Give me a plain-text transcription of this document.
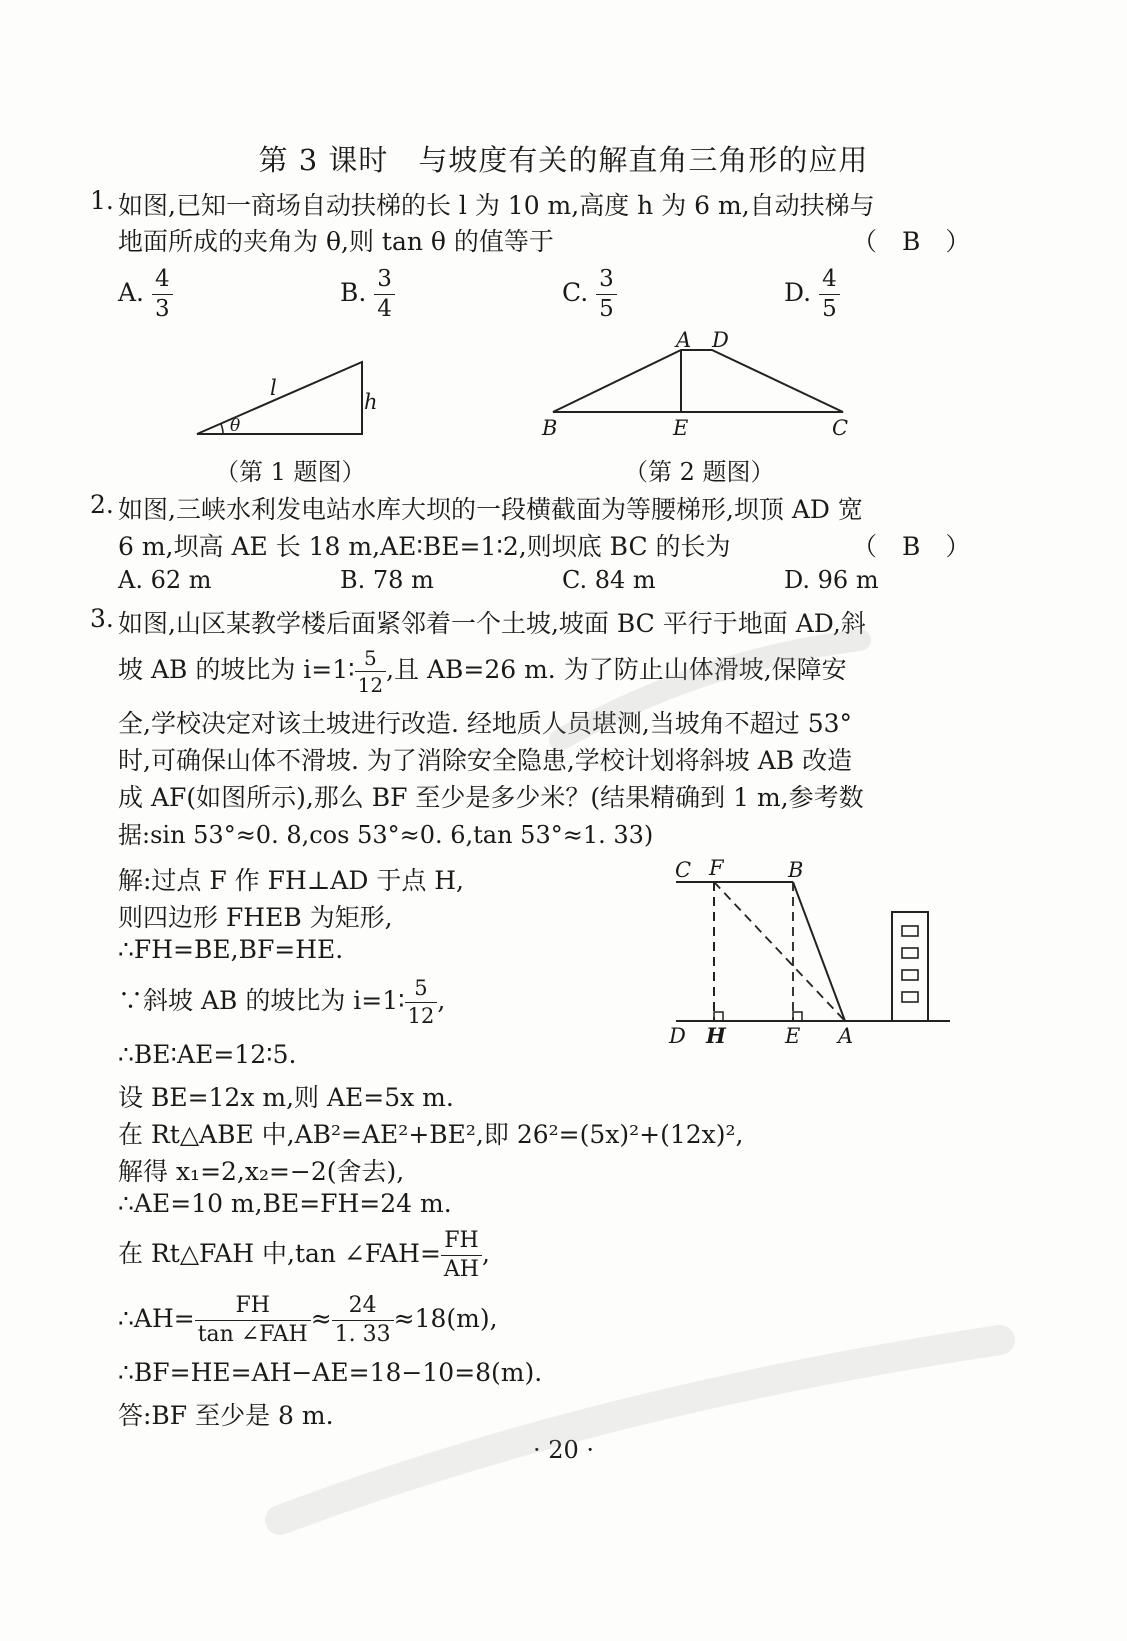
第 3 课时　与坡度有关的解直角三角形的应用
1. 如图,已知一商场自动扶梯的长 l 为 10 m,高度 h 为 6 m,自动扶梯与
地面所成的夹角为 θ,则 tan θ 的值等于	（　B　）
A. $\frac{4}{3}$	B. $\frac{3}{4}$	C. $\frac{3}{5}$	D. $\frac{4}{5}$
l
h
θ
（第 1 题图）
A D
B	E	C
（第 2 题图）
2. 如图,三峡水利发电站水库大坝的一段横截面为等腰梯形,坝顶 AD 宽
6 m,坝高 AE 长 18 m,AE∶BE=1∶2,则坝底 BC 的长为	（　B　）
A. 62 m	B. 78 m	C. 84 m	D. 96 m
3. 如图,山区某教学楼后面紧邻着一个土坡,坡面 BC 平行于地面 AD,斜
坡 AB 的坡比为 i=1∶ $\frac{5}{12}$ ,且 AB=26 m. 为了防止山体滑坡,保障安
全,学校决定对该土坡进行改造. 经地质人员堪测,当坡角不超过 53°
时,可确保山体不滑坡. 为了消除安全隐患,学校计划将斜坡 AB 改造
成 AF(如图所示),那么 BF 至少是多少米？(结果精确到 1 m,参考数
据:sin 53°≈0. 8,cos 53°≈0. 6,tan 53°≈1. 33)
C F	B
D H	E A
解:过点 F 作 FH⊥AD 于点 H,
则四边形 FHEB 为矩形,
∴FH=BE,BF=HE.
∵斜坡 AB 的坡比为 i=1∶ $\frac{5}{12}$ ,
∴BE∶AE=12∶5.
设 BE=12x m,则 AE=5x m.
在 Rt△ABE 中,AB²=AE²+BE²,即 26²=(5x)²+(12x)²,
解得 x₁=2,x₂=−2(舍去),
∴AE=10 m,BE=FH=24 m.
在 Rt△FAH 中,tan ∠FAH= $\frac{FH}{AH}$ ,
∴AH= $\frac{FH}{\text{tan ∠FAH}} \approx \frac{24}{1. 33} \approx 18(m)$,
∴BF=HE=AH−AE=18−10=8(m).
答:BF 至少是 8 m.
· 20 ·
